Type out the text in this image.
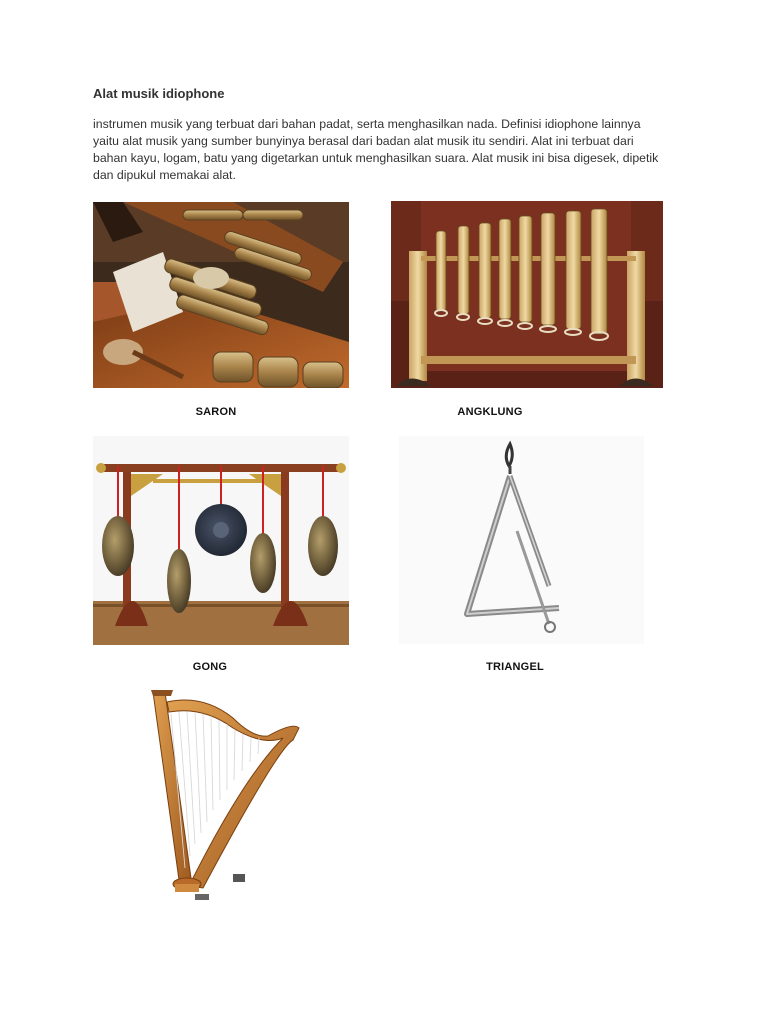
Alat musik idiophone
instrumen musik yang terbuat dari bahan padat, serta menghasilkan nada. Definisi idiophone lainnya yaitu alat musik yang sumber bunyinya berasal dari badan alat musik itu sendiri. Alat ini terbuat dari bahan kayu, logam, batu yang digetarkan untuk menghasilkan suara. Alat musik ini bisa digesek, dipetik dan dipukul memakai alat.
SARON	ANGKLUNG
GONG	TRIANGEL
